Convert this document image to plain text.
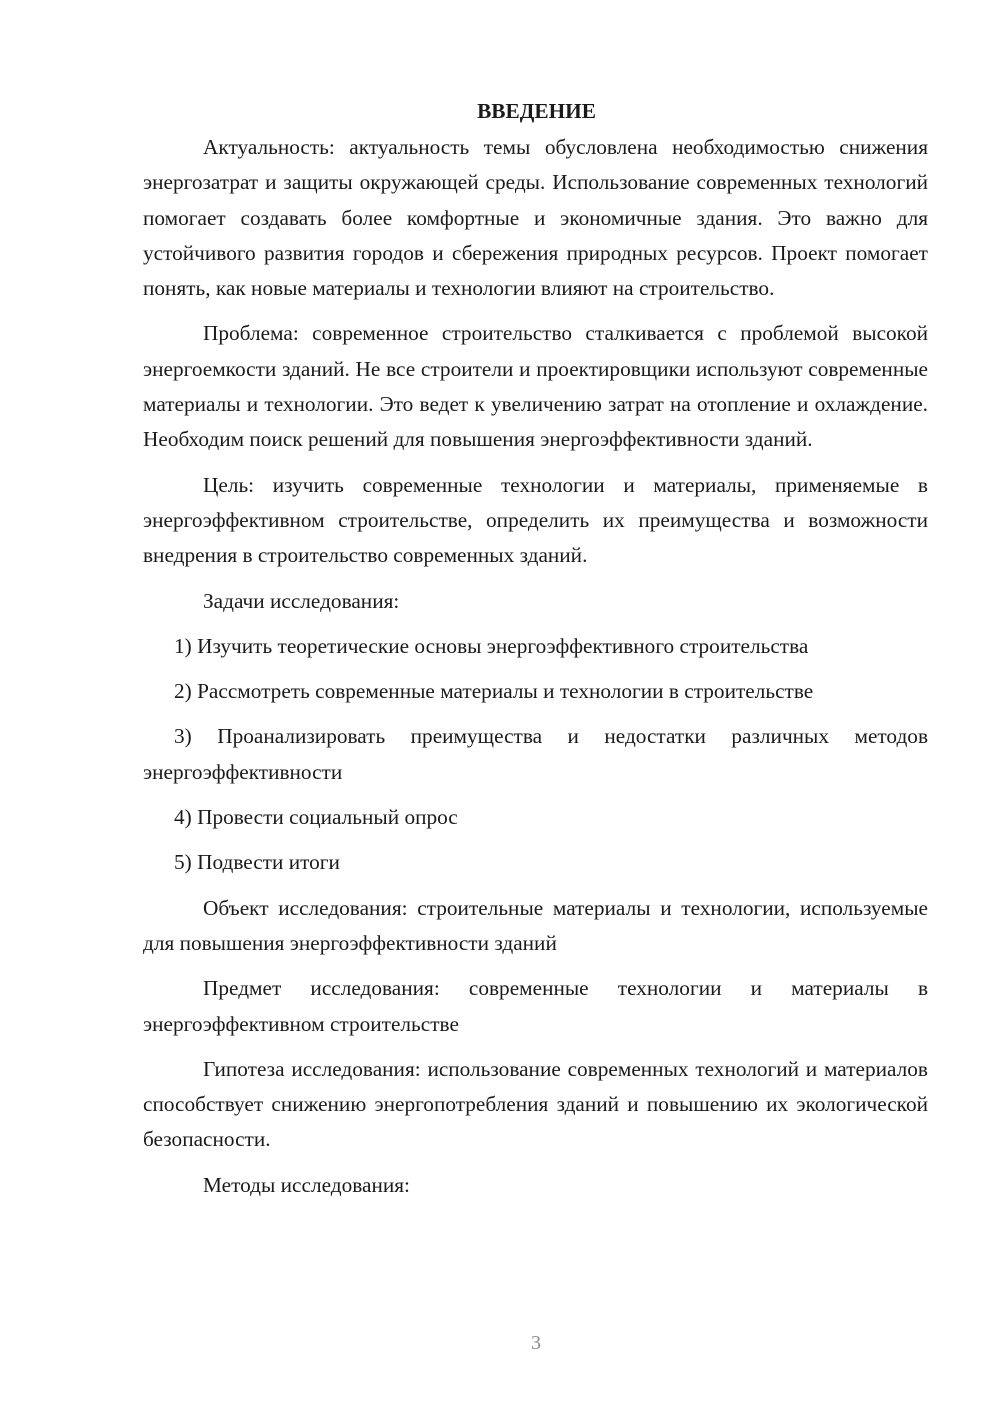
ВВЕДЕНИЕ

Актуальность: актуальность темы обусловлена необходимостью снижения энергозатрат и защиты окружающей среды. Использование современных технологий помогает создавать более комфортные и экономичные здания. Это важно для устойчивого развития городов и сбережения природных ресурсов. Проект помогает понять, как новые материалы и технологии влияют на строительство.

Проблема: современное строительство сталкивается с проблемой высокой энергоемкости зданий. Не все строители и проектировщики используют современные материалы и технологии. Это ведет к увеличению затрат на отопление и охлаждение. Необходим поиск решений для повышения энергоэффективности зданий.

Цель: изучить современные технологии и материалы, применяемые в энергоэффективном строительстве, определить их преимущества и возможности внедрения в строительство современных зданий.

Задачи исследования:

1) Изучить теоретические основы энергоэффективного строительства

2) Рассмотреть современные материалы и технологии в строительстве

3) Проанализировать преимущества и недостатки различных методов энергоэффективности

4) Провести социальный опрос

5) Подвести итоги

Объект исследования: строительные материалы и технологии, используемые для повышения энергоэффективности зданий

Предмет исследования: современные технологии и материалы в энергоэффективном строительстве

Гипотеза исследования: использование современных технологий и материалов способствует снижению энергопотребления зданий и повышению их экологической безопасности.

Методы исследования:

3
